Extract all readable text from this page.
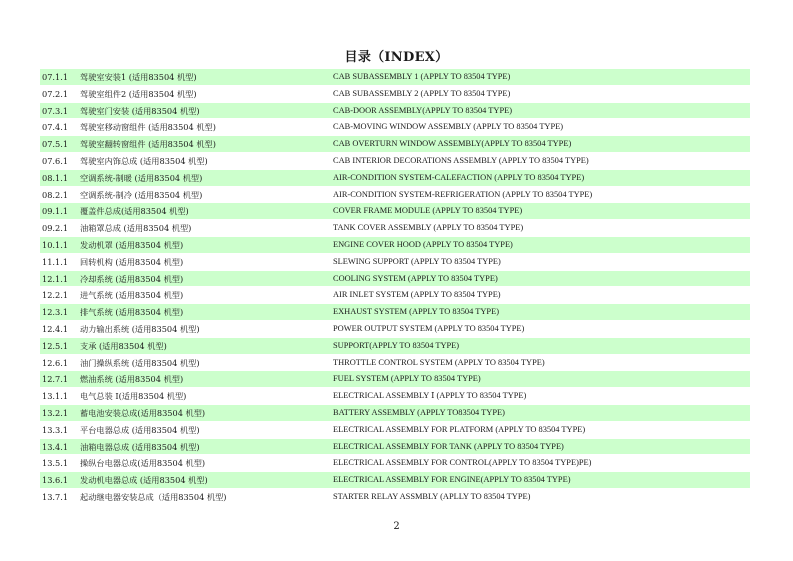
目录（INDEX）
07.1.1	驾驶室安装1 (适用83504 机型)	CAB SUBASSEMBLY 1 (APPLY TO 83504 TYPE)
07.2.1	驾驶室组件2 (适用83504 机型)	CAB SUBASSEMBLY 2 (APPLY TO 83504 TYPE)
07.3.1	驾驶室门安装 (适用83504 机型)	CAB-DOOR ASSEMBLY(APPLY TO 83504 TYPE)
07.4.1	驾驶室移动窗组件 (适用83504 机型)	CAB-MOVING WINDOW ASSEMBLY (APPLY TO 83504 TYPE)
07.5.1	驾驶室翻转窗组件 (适用83504 机型)	CAB OVERTURN WINDOW ASSEMBLY(APPLY TO 83504 TYPE)
07.6.1	驾驶室内饰总成 (适用83504 机型)	CAB INTERIOR DECORATIONS ASSEMBLY (APPLY TO 83504 TYPE)
08.1.1	空调系统-制暖 (适用83504 机型)	AIR-CONDITION SYSTEM-CALEFACTION (APPLY TO 83504 TYPE)
08.2.1	空调系统-制冷 (适用83504 机型)	AIR-CONDITION SYSTEM-REFRIGERATION (APPLY TO 83504 TYPE)
09.1.1	覆盖件总成(适用83504 机型)	COVER FRAME MODULE (APPLY TO 83504 TYPE)
09.2.1	油箱罩总成 (适用83504 机型)	TANK COVER ASSEMBLY (APPLY TO 83504 TYPE)
10.1.1	发动机罩 (适用83504 机型)	ENGINE COVER HOOD (APPLY TO 83504 TYPE)
11.1.1	回转机构 (适用83504 机型)	SLEWING SUPPORT (APPLY TO 83504 TYPE)
12.1.1	冷却系统 (适用83504 机型)	COOLING SYSTEM (APPLY TO 83504 TYPE)
12.2.1	进气系统 (适用83504 机型)	AIR INLET SYSTEM (APPLY TO 83504 TYPE)
12.3.1	排气系统 (适用83504 机型)	EXHAUST SYSTEM (APPLY TO 83504 TYPE)
12.4.1	动力输出系统 (适用83504 机型)	POWER OUTPUT SYSTEM (APPLY TO 83504 TYPE)
12.5.1	支承 (适用83504 机型)	SUPPORT(APPLY TO 83504 TYPE)
12.6.1	油门操纵系统 (适用83504 机型)	THROTTLE CONTROL SYSTEM (APPLY TO 83504 TYPE)
12.7.1	燃油系统 (适用83504 机型)	FUEL SYSTEM (APPLY TO 83504 TYPE)
13.1.1	电气总装 Ⅰ(适用83504 机型)	ELECTRICAL ASSEMBLY Ⅰ (APPLY TO 83504 TYPE)
13.2.1	蓄电池安装总成(适用83504 机型)	BATTERY ASSEMBLY (APPLY TO83504 TYPE)
13.3.1	平台电器总成 (适用83504 机型)	ELECTRICAL ASSEMBLY FOR PLATFORM (APPLY TO 83504 TYPE)
13.4.1	油箱电器总成 (适用83504 机型)	ELECTRICAL ASSEMBLY FOR TANK (APPLY TO 83504 TYPE)
13.5.1	操纵台电器总成(适用83504 机型)	ELECTRICAL ASSEMBLY FOR CONTROL(APPLY TO 83504 TYPE)PE)
13.6.1	发动机电器总成 (适用83504 机型)	ELECTRICAL ASSEMBLY FOR ENGINE(APPLY TO 83504 TYPE)
13.7.1	起动继电器安装总成（适用83504 机型)	STARTER RELAY ASSMBLY (APLLY TO 83504 TYPE)
2
